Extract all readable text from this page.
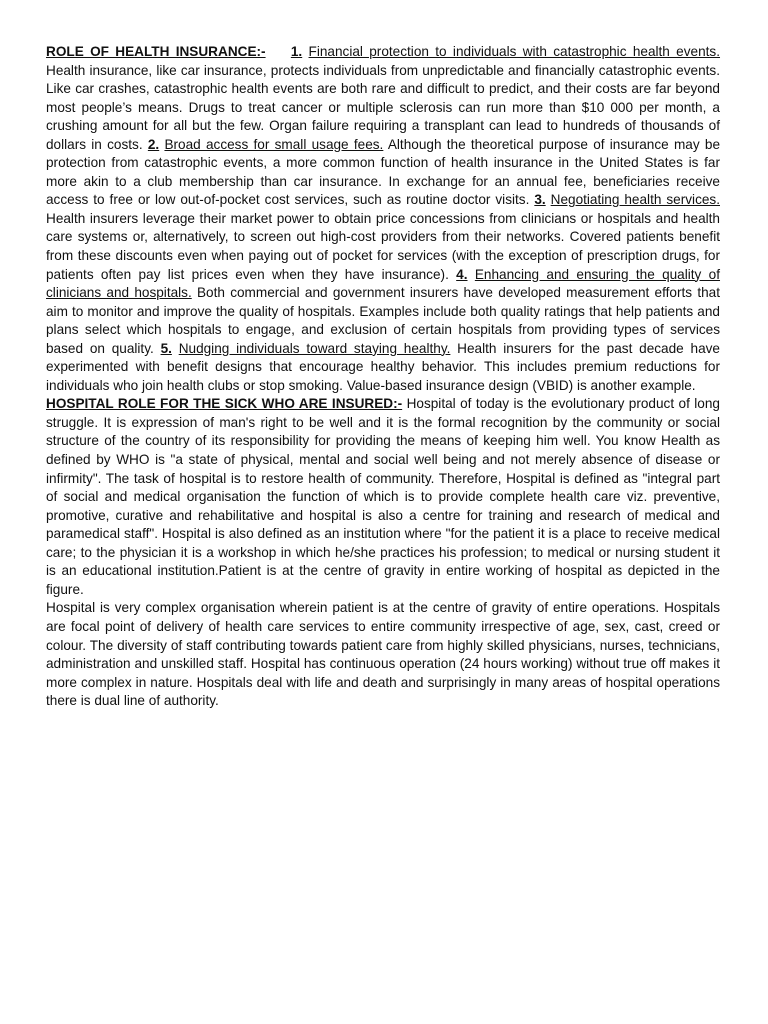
ROLE OF HEALTH INSURANCE:- 1. Financial protection to individuals with catastrophic health events. Health insurance, like car insurance, protects individuals from unpredictable and financially catastrophic events. Like car crashes, catastrophic health events are both rare and difficult to predict, and their costs are far beyond most people’s means. Drugs to treat cancer or multiple sclerosis can run more than $10 000 per month, a crushing amount for all but the few. Organ failure requiring a transplant can lead to hundreds of thousands of dollars in costs. 2. Broad access for small usage fees. Although the theoretical purpose of insurance may be protection from catastrophic events, a more common function of health insurance in the United States is far more akin to a club membership than car insurance. In exchange for an annual fee, beneficiaries receive access to free or low out-of-pocket cost services, such as routine doctor visits. 3. Negotiating health services. Health insurers leverage their market power to obtain price concessions from clinicians or hospitals and health care systems or, alternatively, to screen out high-cost providers from their networks. Covered patients benefit from these discounts even when paying out of pocket for services (with the exception of prescription drugs, for patients often pay list prices even when they have insurance). 4. Enhancing and ensuring the quality of clinicians and hospitals. Both commercial and government insurers have developed measurement efforts that aim to monitor and improve the quality of hospitals. Examples include both quality ratings that help patients and plans select which hospitals to engage, and exclusion of certain hospitals from providing types of services based on quality. 5. Nudging individuals toward staying healthy. Health insurers for the past decade have experimented with benefit designs that encourage healthy behavior. This includes premium reductions for individuals who join health clubs or stop smoking. Value-based insurance design (VBID) is another example.

HOSPITAL ROLE FOR THE SICK WHO ARE INSURED:- Hospital of today is the evolutionary product of long struggle. It is expression of man's right to be well and it is the formal recognition by the community or social structure of the country of its responsibility for providing the means of keeping him well. You know Health as defined by WHO is "a state of physical, mental and social well being and not merely absence of disease or infirmity". The task of hospital is to restore health of community. Therefore, Hospital is defined as "integral part of social and medical organisation the function of which is to provide complete health care viz. preventive, promotive, curative and rehabilitative and hospital is also a centre for training and research of medical and paramedical staff". Hospital is also defined as an institution where "for the patient it is a place to receive medical care; to the physician it is a workshop in which he/she practices his profession; to medical or nursing student it is an educational institution.Patient is at the centre of gravity in entire working of hospital as depicted in the figure.

Hospital is very complex organisation wherein patient is at the centre of gravity of entire operations. Hospitals are focal point of delivery of health care services to entire community irrespective of age, sex, cast, creed or colour. The diversity of staff contributing towards patient care from highly skilled physicians, nurses, technicians, administration and unskilled staff. Hospital has continuous operation (24 hours working) without true off makes it more complex in nature. Hospitals deal with life and death and surprisingly in many areas of hospital operations there is dual line of authority.
